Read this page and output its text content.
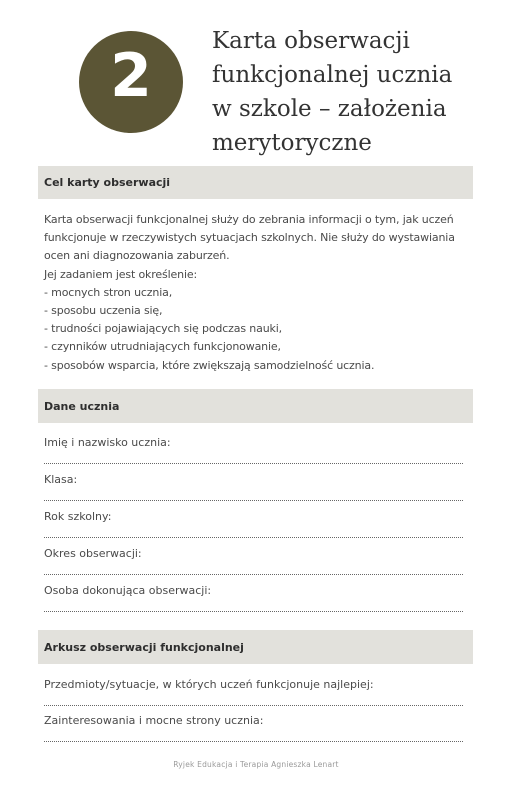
2	Karta obserwacji
funkcjonalnej ucznia
w szkole – założenia
merytoryczne
Cel karty obserwacji
Karta obserwacji funkcjonalnej służy do zebrania informacji o tym, jak uczeń
funkcjonuje w rzeczywistych sytuacjach szkolnych. Nie służy do wystawiania
ocen ani diagnozowania zaburzeń.
Jej zadaniem jest określenie:
- mocnych stron ucznia,
- sposobu uczenia się,
- trudności pojawiających się podczas nauki,
- czynników utrudniających funkcjonowanie,
- sposobów wsparcia, które zwiększają samodzielność ucznia.
Dane ucznia
Imię i nazwisko ucznia:
Klasa:
Rok szkolny:
Okres obserwacji:
Osoba dokonująca obserwacji:
Arkusz obserwacji funkcjonalnej
Przedmioty/sytuacje, w których uczeń funkcjonuje najlepiej:
Zainteresowania i mocne strony ucznia:
Ryjek Edukacja i Terapia Agnieszka Lenart
